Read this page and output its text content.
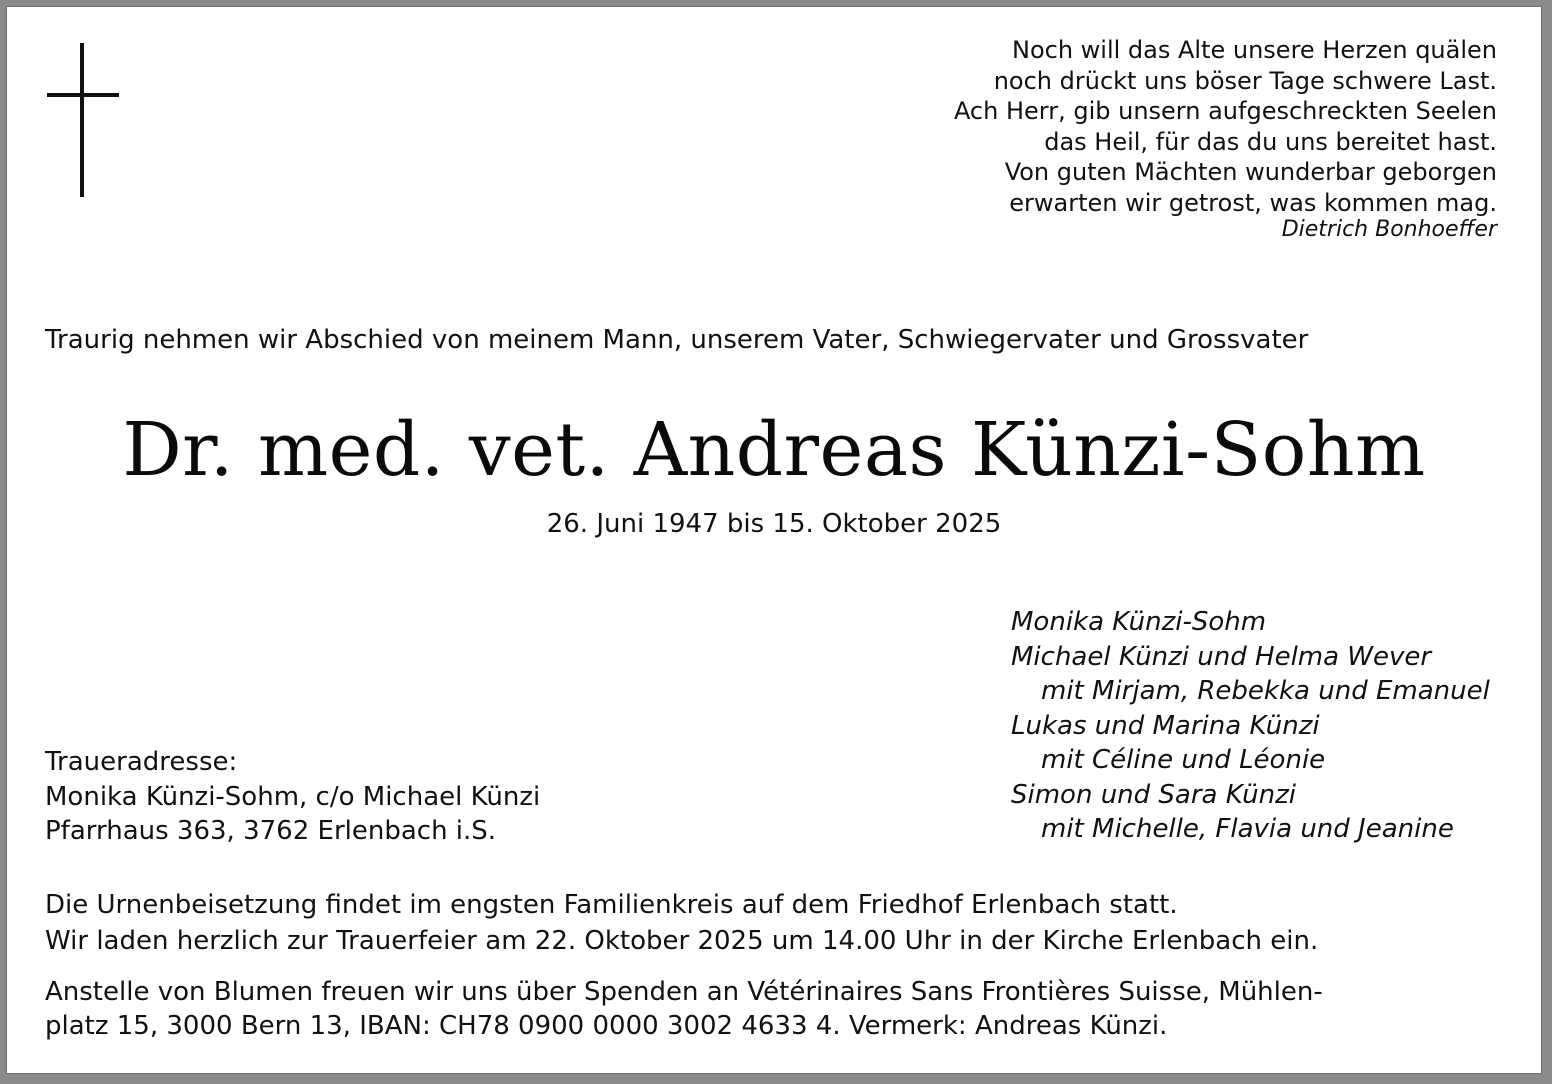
Noch will das Alte unsere Herzen quälen
noch drückt uns böser Tage schwere Last.
Ach Herr, gib unsern aufgeschreckten Seelen
das Heil, für das du uns bereitet hast.
Von guten Mächten wunderbar geborgen
erwarten wir getrost, was kommen mag.
Dietrich Bonhoeffer
Traurig nehmen wir Abschied von meinem Mann, unserem Vater, Schwiegervater und Grossvater
Dr. med. vet. Andreas Künzi-Sohm
26. Juni 1947 bis 15. Oktober 2025
Monika Künzi-Sohm
Michael Künzi und Helma Wever
mit Mirjam, Rebekka und Emanuel
Lukas und Marina Künzi
mit Céline und Léonie
Simon und Sara Künzi
mit Michelle, Flavia und Jeanine
Traueradresse:
Monika Künzi-Sohm, c/o Michael Künzi
Pfarrhaus 363, 3762 Erlenbach i.S.
Die Urnenbeisetzung findet im engsten Familienkreis auf dem Friedhof Erlenbach statt.
Wir laden herzlich zur Trauerfeier am 22. Oktober 2025 um 14.00 Uhr in der Kirche Erlenbach ein.
Anstelle von Blumen freuen wir uns über Spenden an Vétérinaires Sans Frontières Suisse, Mühlen-
platz 15, 3000 Bern 13, IBAN: CH78 0900 0000 3002 4633 4. Vermerk: Andreas Künzi.
